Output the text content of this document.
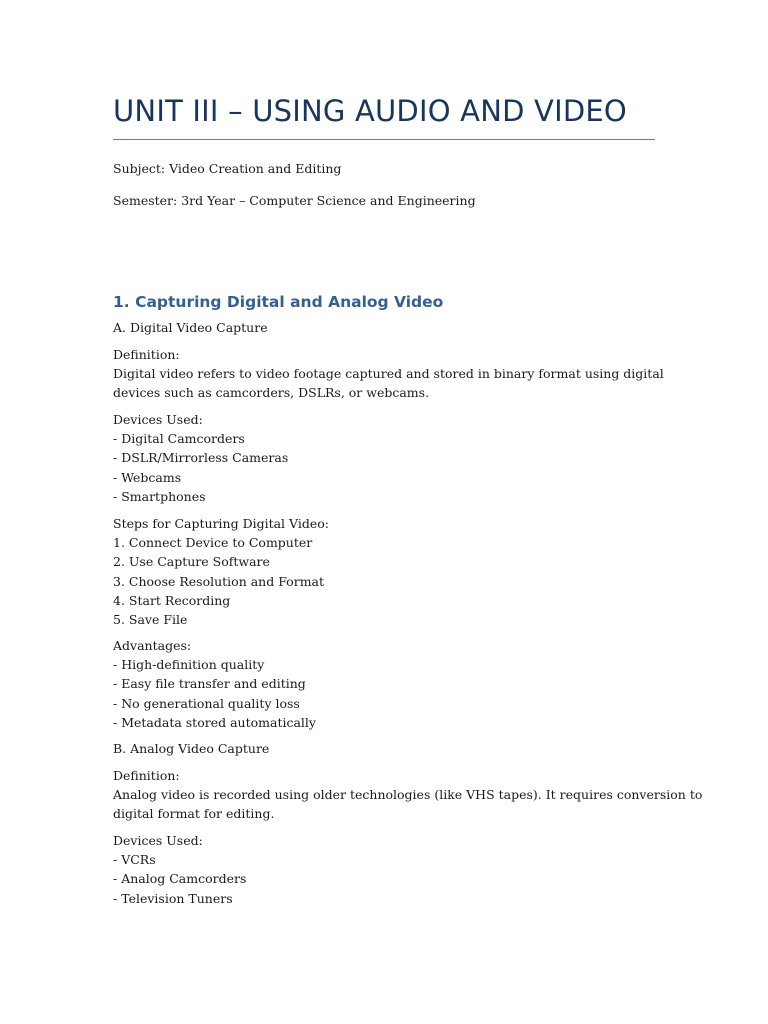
UNIT III – USING AUDIO AND VIDEO

Subject: Video Creation and Editing

Semester: 3rd Year – Computer Science and Engineering

1. Capturing Digital and Analog Video

A. Digital Video Capture

Definition:
Digital video refers to video footage captured and stored in binary format using digital
devices such as camcorders, DSLRs, or webcams.

Devices Used:
- Digital Camcorders
- DSLR/Mirrorless Cameras
- Webcams
- Smartphones

Steps for Capturing Digital Video:
1. Connect Device to Computer
2. Use Capture Software
3. Choose Resolution and Format
4. Start Recording
5. Save File

Advantages:
- High-definition quality
- Easy file transfer and editing
- No generational quality loss
- Metadata stored automatically

B. Analog Video Capture

Definition:
Analog video is recorded using older technologies (like VHS tapes). It requires conversion to
digital format for editing.

Devices Used:
- VCRs
- Analog Camcorders
- Television Tuners
